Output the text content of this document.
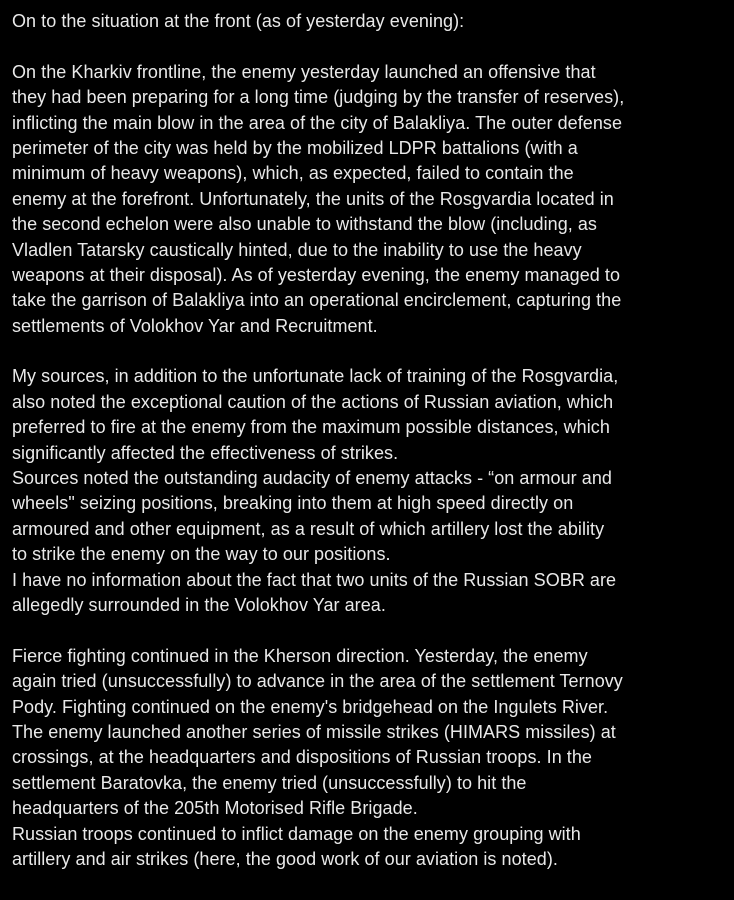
On to the situation at the front (as of yesterday evening):
On the Kharkiv frontline, the enemy yesterday launched an offensive that
they had been preparing for a long time (judging by the transfer of reserves),
inflicting the main blow in the area of the city of Balakliya. The outer defense
perimeter of the city was held by the mobilized LDPR battalions (with a
minimum of heavy weapons), which, as expected, failed to contain the
enemy at the forefront. Unfortunately, the units of the Rosgvardia located in
the second echelon were also unable to withstand the blow (including, as
Vladlen Tatarsky caustically hinted, due to the inability to use the heavy
weapons at their disposal). As of yesterday evening, the enemy managed to
take the garrison of Balakliya into an operational encirclement, capturing the
settlements of Volokhov Yar and Recruitment.
My sources, in addition to the unfortunate lack of training of the Rosgvardia,
also noted the exceptional caution of the actions of Russian aviation, which
preferred to fire at the enemy from the maximum possible distances, which
significantly affected the effectiveness of strikes.
Sources noted the outstanding audacity of enemy attacks - “on armour and
wheels" seizing positions, breaking into them at high speed directly on
armoured and other equipment, as a result of which artillery lost the ability
to strike the enemy on the way to our positions.
I have no information about the fact that two units of the Russian SOBR are
allegedly surrounded in the Volokhov Yar area.
Fierce fighting continued in the Kherson direction. Yesterday, the enemy
again tried (unsuccessfully) to advance in the area of the settlement Ternovy
Pody. Fighting continued on the enemy's bridgehead on the Ingulets River.
The enemy launched another series of missile strikes (HIMARS missiles) at
crossings, at the headquarters and dispositions of Russian troops. In the
settlement Baratovka, the enemy tried (unsuccessfully) to hit the
headquarters of the 205th Motorised Rifle Brigade.
Russian troops continued to inflict damage on the enemy grouping with
artillery and air strikes (here, the good work of our aviation is noted).
